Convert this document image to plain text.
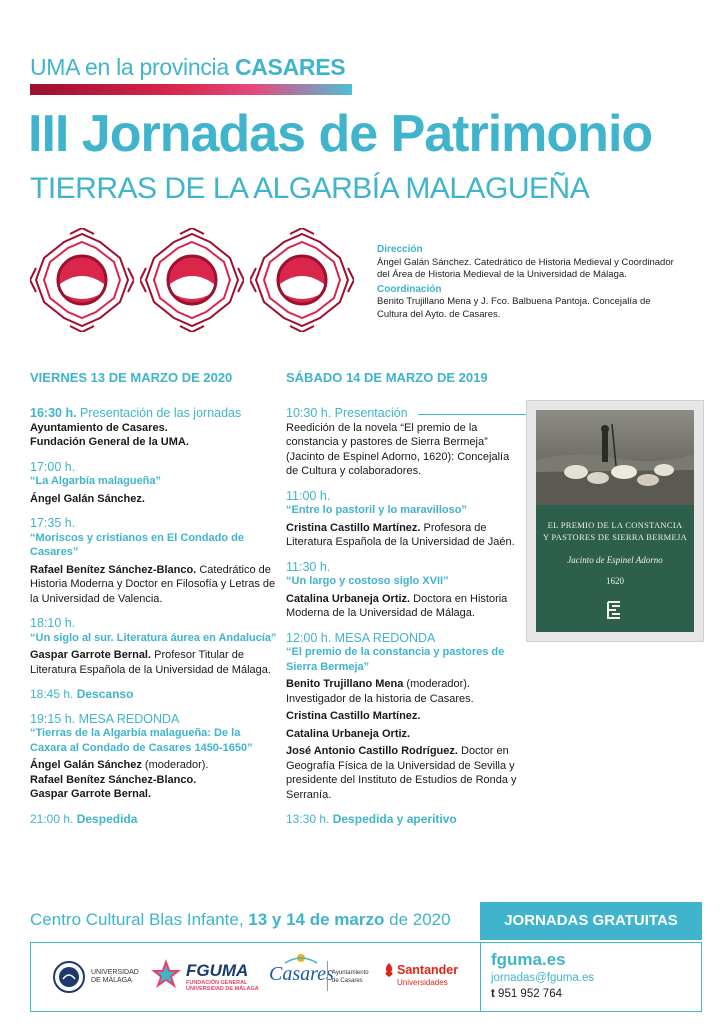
UMA en la provincia CASARES
III Jornadas de Patrimonio
TIERRAS DE LA ALGARBÍA MALAGUEÑA
Dirección
Ángel Galán Sánchez. Catedrático de Historia Medieval y Coordinador del Área de Historia Medieval de la Universidad de Málaga.
Coordinación
Benito Trujillano Mena y J. Fco. Balbuena Pantoja. Concejalía de Cultura del Ayto. de Casares.
VIERNES 13 DE MARZO DE 2020	SÁBADO 14 DE MARZO DE 2019
16:30 h. Presentación de las jornadas
Ayuntamiento de Casares.
Fundación General de la UMA.
17:00 h.
“La Algarbía malagueña”
Ángel Galán Sánchez.
17:35 h.
“Moriscos y cristianos en El Condado de Casares”
Rafael Benítez Sánchez-Blanco. Catedrático de Historia Moderna y Doctor en Filosofía y Letras de la Universidad de Valencia.
18:10 h.
“Un siglo al sur. Literatura áurea en Andalucía”
Gaspar Garrote Bernal. Profesor Titular de Literatura Española de la Universidad de Málaga.
18:45 h. Descanso
19:15 h. MESA REDONDA
“Tierras de la Algarbía malagueña: De la Caxara al Condado de Casares 1450-1650”
Ángel Galán Sánchez (moderador).
Rafael Benítez Sánchez-Blanco.
Gaspar Garrote Bernal.
21:00 h. Despedida
10:30 h. Presentación
Reedición de la novela “El premio de la constancia y pastores de Sierra Bermeja” (Jacinto de Espinel Adorno, 1620): Concejalía de Cultura y colaboradores.
11:00 h.
“Entre lo pastoril y lo maravilloso”
Cristina Castillo Martínez. Profesora de Literatura Española de la Universidad de Jaén.
11:30 h.
“Un largo y costoso siglo XVII”
Catalina Urbaneja Ortiz. Doctora en Historia Moderna de la Universidad de Málaga.
12:00 h. MESA REDONDA
“El premio de la constancia y pastores de Sierra Bermeja”
Benito Trujillano Mena (moderador). Investigador de la historia de Casares.
Cristina Castillo Martínez.
Catalina Urbaneja Ortiz.
José Antonio Castillo Rodríguez. Doctor en Geografía Física de la Universidad de Sevilla y presidente del Instituto de Estudios de Ronda y Serranía.
13:30 h. Despedida y aperitivo
EL PREMIO DE LA CONSTANCIA
Y PASTORES DE SIERRA BERMEJA
Jacinto de Espinel Adorno
1620
Centro Cultural Blas Infante, 13 y 14 de marzo de 2020	JORNADAS GRATUITAS
UNIVERSIDAD
DE MÁLAGA
FGUMA
FUNDACIÓN GENERAL
UNIVERSIDAD DE MÁLAGA
Casares
Ayuntamiento
de Casares
Santander
Universidades
fguma.es
jornadas@fguma.es
t 951 952 764
